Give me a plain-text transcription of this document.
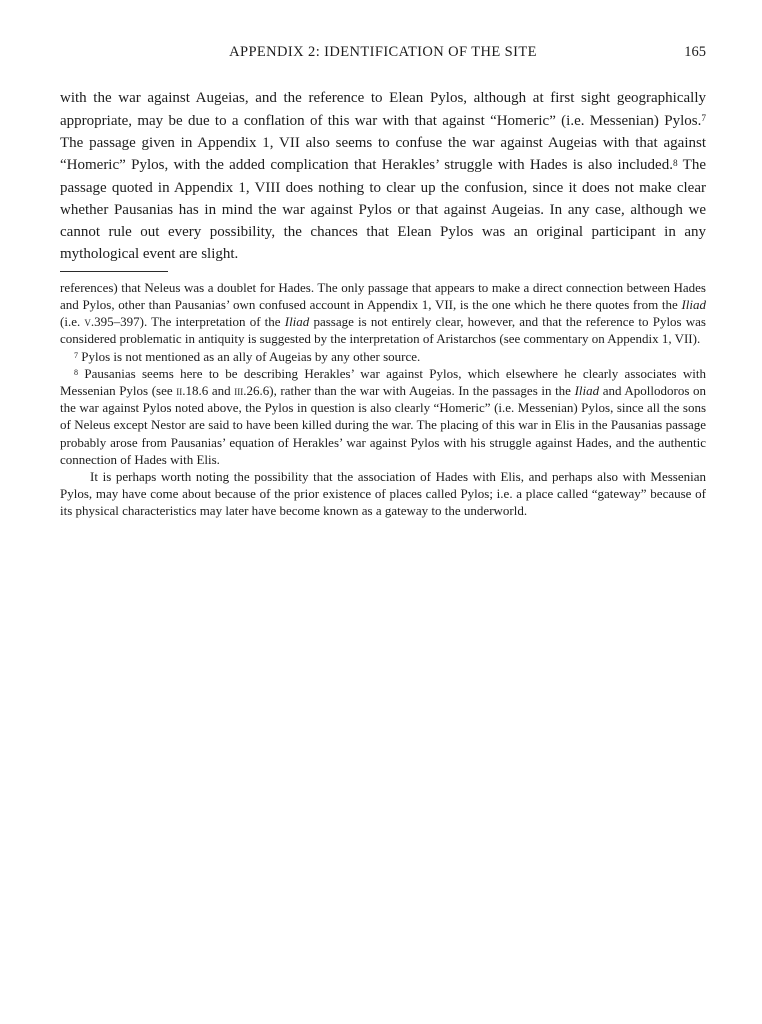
APPENDIX 2: IDENTIFICATION OF THE SITE	165

with the war against Augeias, and the reference to Elean Pylos, although at first sight geographically appropriate, may be due to a conflation of this war with that against “Homeric” (i.e. Messenian) Pylos.$^7$ The passage given in Appendix 1, VII also seems to confuse the war against Augeias with that against “Homeric” Pylos, with the added complication that Herakles’ struggle with Hades is also included.$^8$ The passage quoted in Appendix 1, VIII does nothing to clear up the confusion, since it does not make clear whether Pausanias has in mind the war against Pylos or that against Augeias. In any case, although we cannot rule out every possibility, the chances that Elean Pylos was an original participant in any mythological event are slight.

references) that Neleus was a doublet for Hades. The only passage that appears to make a direct connection between Hades and Pylos, other than Pausanias’ own confused account in Appendix 1, VII, is the one which he there quotes from the Iliad (i.e. v.395–397). The interpretation of the Iliad passage is not entirely clear, however, and that the reference to Pylos was considered problematic in antiquity is suggested by the interpretation of Aristarchos (see commentary on Appendix 1, VII).

$^7$ Pylos is not mentioned as an ally of Augeias by any other source.

$^8$ Pausanias seems here to be describing Herakles’ war against Pylos, which elsewhere he clearly associates with Messenian Pylos (see ii.18.6 and iii.26.6), rather than the war with Augeias. In the passages in the Iliad and Apollodoros on the war against Pylos noted above, the Pylos in question is also clearly “Homeric” (i.e. Messenian) Pylos, since all the sons of Neleus except Nestor are said to have been killed during the war. The placing of this war in Elis in the Pausanias passage probably arose from Pausanias’ equation of Herakles’ war against Pylos with his struggle against Hades, and the authentic connection of Hades with Elis.

It is perhaps worth noting the possibility that the association of Hades with Elis, and perhaps also with Messenian Pylos, may have come about because of the prior existence of places called Pylos; i.e. a place called “gateway” because of its physical characteristics may later have become known as a gateway to the underworld.
